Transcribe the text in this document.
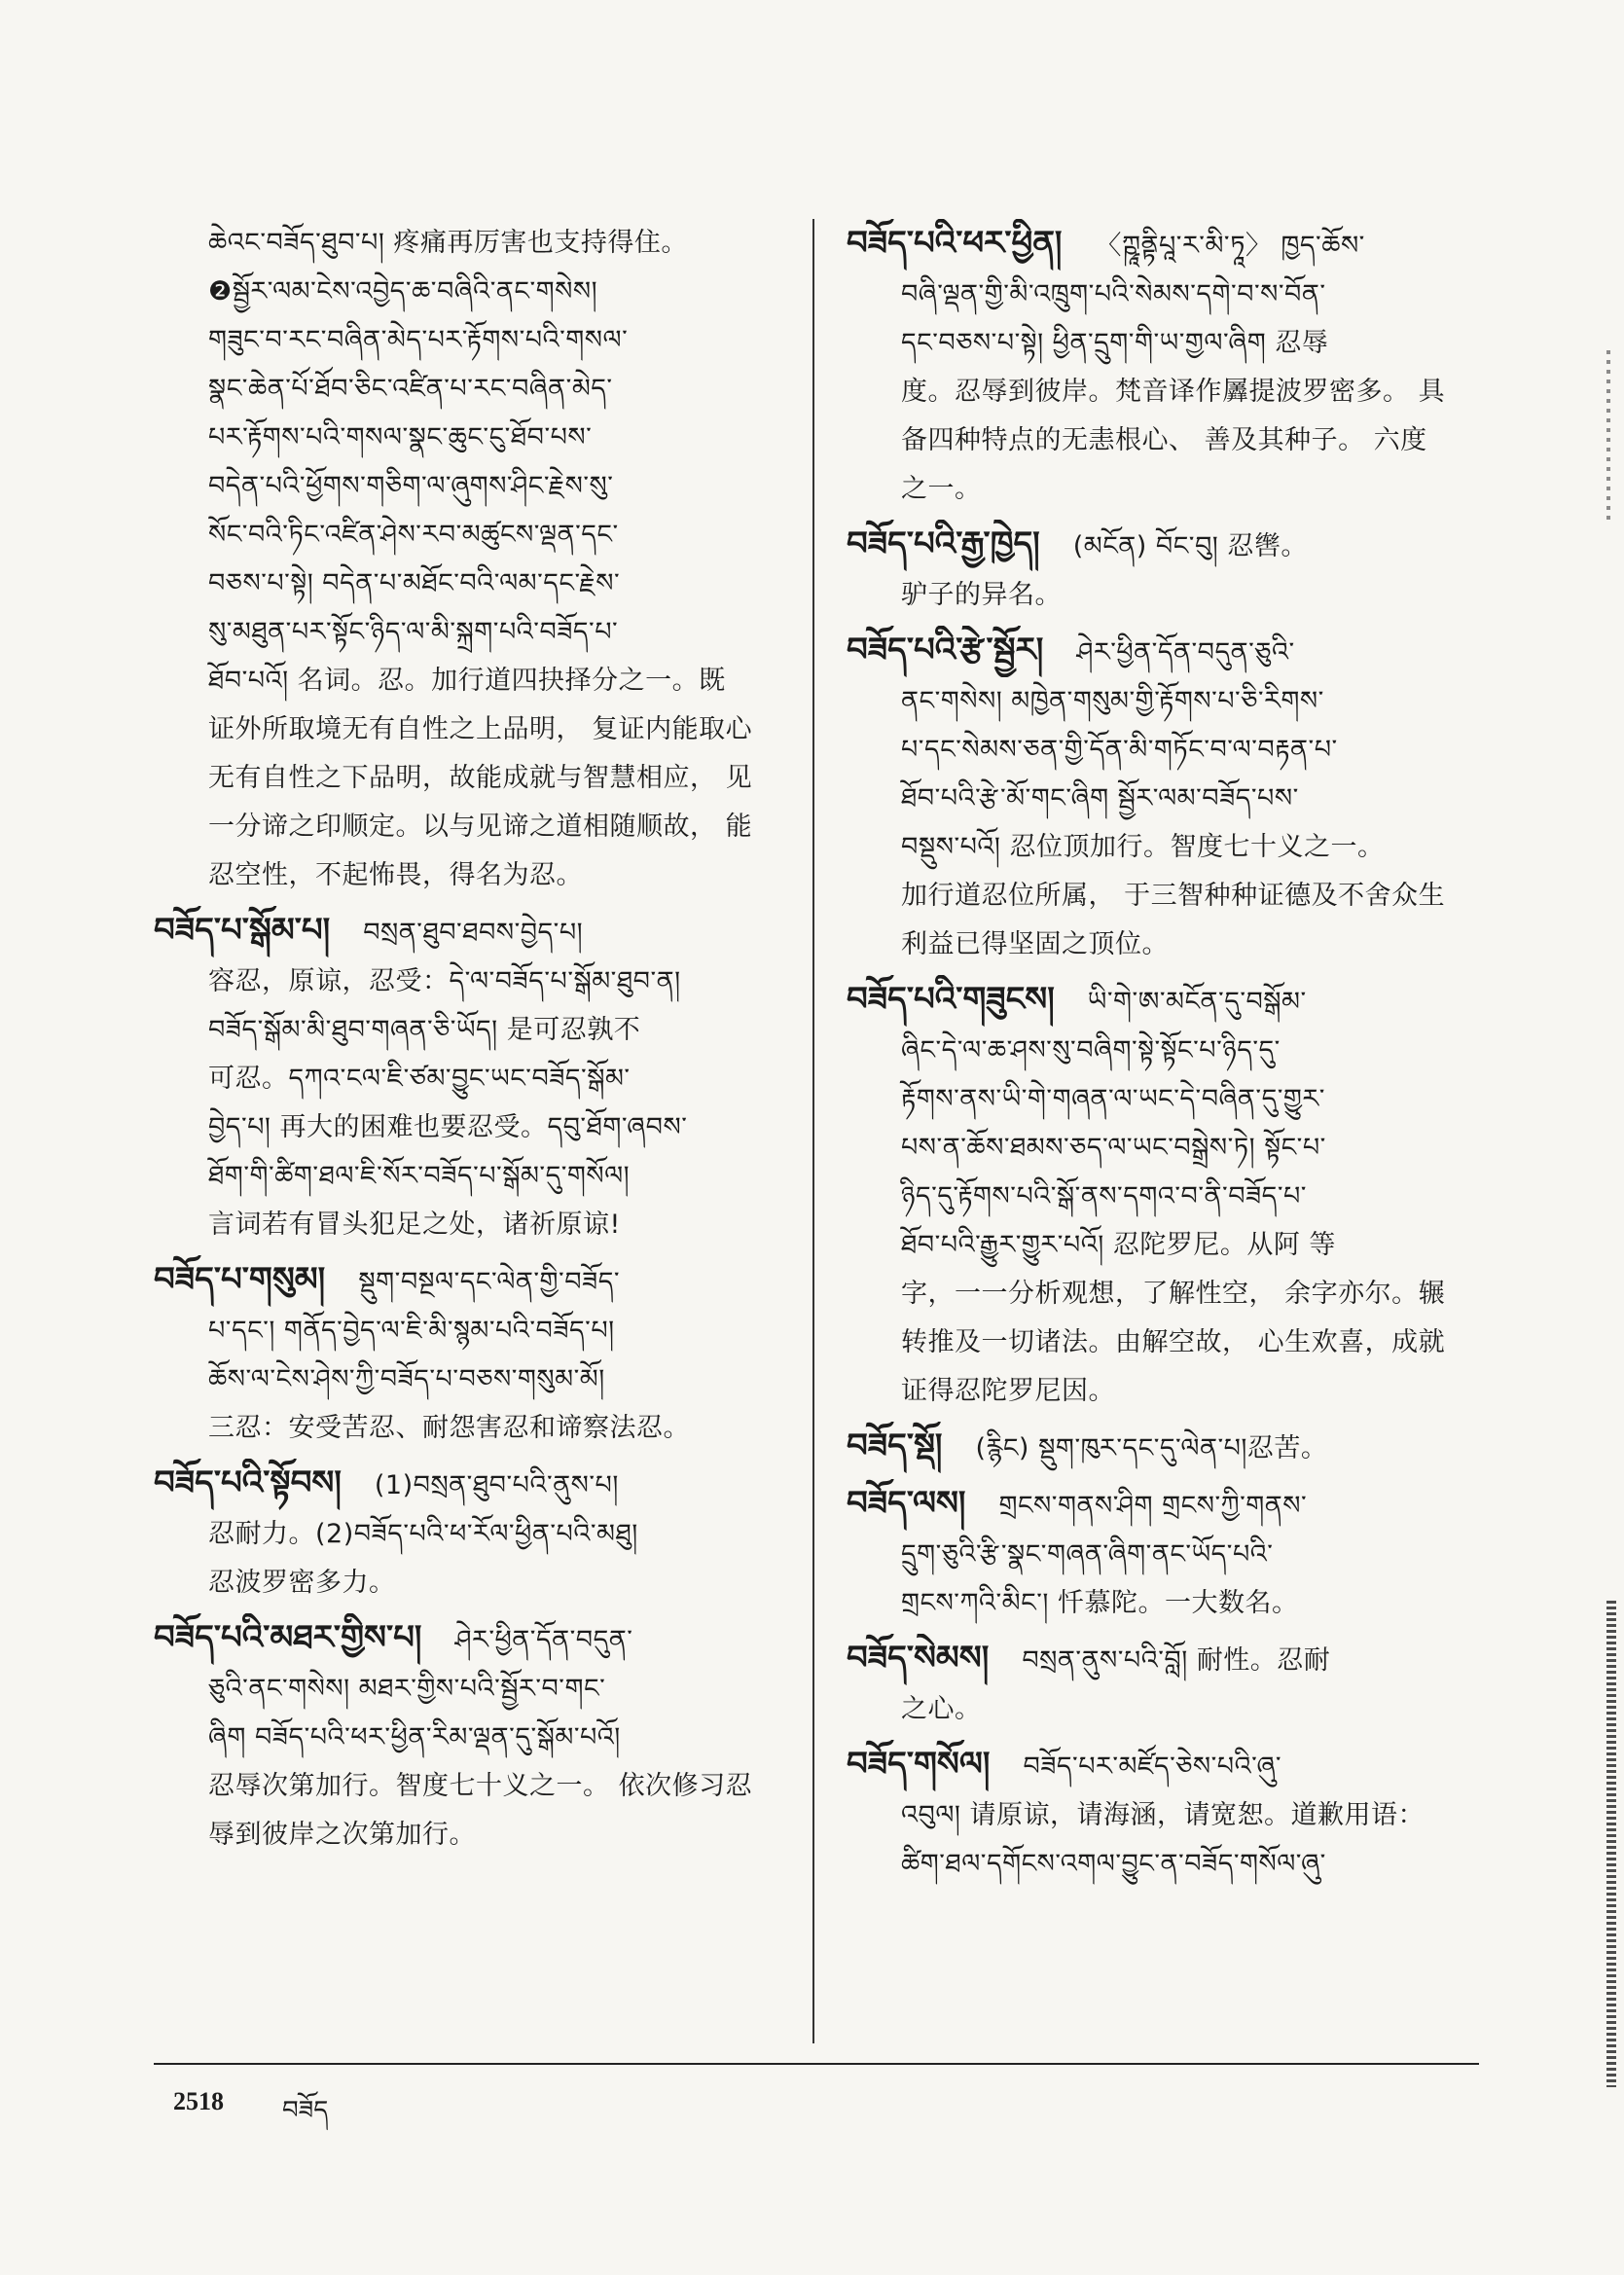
ཆེའང་བཟོད་ཐུབ་པ། 疼痛再厉害也支持得住。
❷སྦྱོར་ལམ་ངེས་འབྱེད་ཆ་བཞིའི་ནང་གསེས།
གཟུང་བ་རང་བཞིན་མེད་པར་རྟོགས་པའི་གསལ་
སྣང་ཆེན་པོ་ཐོབ་ཅིང་འཛིན་པ་རང་བཞིན་མེད་
པར་རྟོགས་པའི་གསལ་སྣང་ཆུང་ངུ་ཐོབ་པས་
བདེན་པའི་ཕྱོགས་གཅིག་ལ་ཞུགས་ཤིང་རྗེས་སུ་
སོང་བའི་ཏིང་འཛིན་ཤེས་རབ་མཚུངས་ལྡན་དང་
བཅས་པ་སྟེ། བདེན་པ་མཐོང་བའི་ལམ་དང་རྗེས་
སུ་མཐུན་པར་སྟོང་ཉིད་ལ་མི་སྐྲག་པའི་བཟོད་པ་
ཐོབ་པའོ། 名词。忍。加行道四抉择分之一。既
证外所取境无有自性之上品明， 复证内能取心
无有自性之下品明，故能成就与智慧相应， 见
一分谛之印顺定。以与见谛之道相随顺故， 能
忍空性，不起怖畏，得名为忍。
བཟོད་པ་སྒོམ་པ། བསྲན་ཐུབ་ཐབས་བྱེད་པ།
容忍，原谅，忍受：དེ་ལ་བཟོད་པ་སྒོམ་ཐུབ་ན།
བཟོད་སྒོམ་མི་ཐུབ་གཞན་ཅི་ཡོད། 是可忍孰不
可忍。དཀའ་ངལ་ཇི་ཙམ་བྱུང་ཡང་བཟོད་སྒོམ་
བྱེད་པ། 再大的困难也要忍受。དབུ་ཐོག་ཞབས་
ཐོག་གི་ཚིག་ཐལ་ཇི་སོར་བཟོད་པ་སྒོམ་དུ་གསོལ།
言词若有冒头犯足之处，诸祈原谅!
བཟོད་པ་གསུམ། སྡུག་བསྔལ་དང་ལེན་གྱི་བཟོད་
པ་དང་། གནོད་བྱེད་ལ་ཇི་མི་སྙམ་པའི་བཟོད་པ།
ཆོས་ལ་ངེས་ཤེས་ཀྱི་བཟོད་པ་བཅས་གསུམ་མོ།
三忍：安受苦忍、耐怨害忍和谛察法忍。
བཟོད་པའི་སྟོབས། (1)བསྲན་ཐུབ་པའི་ནུས་པ།
忍耐力。(2)བཟོད་པའི་ཕ་རོལ་ཕྱིན་པའི་མཐུ།
忍波罗密多力。
བཟོད་པའི་མཐར་གྱིས་པ། ཤེར་ཕྱིན་དོན་བདུན་
ཅུའི་ནང་གསེས། མཐར་གྱིས་པའི་སྦྱོར་བ་གང་
ཞིག བཟོད་པའི་ཕར་ཕྱིན་རིམ་ལྡན་དུ་སྒོམ་པའོ།
忍辱次第加行。智度七十义之一。 依次修习忍
辱到彼岸之次第加行。
བཟོད་པའི་ཕར་ཕྱིན། 〈ཀྵཱནྟིཔཱ་ར་མི་ཏཱ〉 ཁྱད་ཆོས་
བཞི་ལྡན་གྱི་མི་འཁྲུག་པའི་སེམས་དགེ་བ་ས་བོན་
དང་བཅས་པ་སྟེ། ཕྱིན་དྲུག་གི་ཡ་གྱལ་ཞིག 忍辱
度。忍辱到彼岸。梵音译作羼提波罗密多。 具
备四种特点的无恚根心、 善及其种子。 六度
之一。
བཟོད་པའི་རྒྱ་ཁྱེད། (མངོན) བོང་བུ། 忍辔。
驴子的异名。
བཟོད་པའི་རྩེ་སྦྱོར། ཤེར་ཕྱིན་དོན་བདུན་ཅུའི་
ནང་གསེས། མཁྱེན་གསུམ་གྱི་རྟོགས་པ་ཅི་རིགས་
པ་དང་སེམས་ཅན་གྱི་དོན་མི་གཏོང་བ་ལ་བརྟན་པ་
ཐོབ་པའི་རྩེ་མོ་གང་ཞིག སྦྱོར་ལམ་བཟོད་པས་
བསྡུས་པའོ། 忍位顶加行。智度七十义之一。
加行道忍位所属， 于三智种种证德及不舍众生
利益已得坚固之顶位。
བཟོད་པའི་གཟུངས། ཡི་གེ་ཨ་མངོན་དུ་བསྒོམ་
ཞིང་དེ་ལ་ཆ་ཤས་སུ་བཞིག་སྟེ་སྟོང་པ་ཉིད་དུ་
རྟོགས་ནས་ཡི་གེ་གཞན་ལ་ཡང་དེ་བཞིན་དུ་གྱུར་
པས་ན་ཆོས་ཐམས་ཅད་ལ་ཡང་བསྒྲེས་ཏེ། སྟོང་པ་
ཉིད་དུ་རྟོགས་པའི་སྒོ་ནས་དགའ་བ་ནི་བཟོད་པ་
ཐོབ་པའི་རྒྱུར་གྱུར་པའོ། 忍陀罗尼。从阿 等
字，一一分析观想，了解性空， 余字亦尔。辗
转推及一切诸法。由解空故， 心生欢喜，成就
证得忍陀罗尼因。
བཟོད་སྡོ། (རྙིང) སྡུག་ཁུར་དང་དུ་ལེན་པ།忍苦。
བཟོད་ལས། གྲངས་གནས་ཤིག གྲངས་ཀྱི་གནས་
དྲུག་ཅུའི་རྩི་སྣང་གཞན་ཞིག་ནང་ཡོད་པའི་
གྲངས་ཀའི་མིང་། 忏慕陀。一大数名。
བཟོད་སེམས། བསྲན་ནུས་པའི་བློ། 耐性。忍耐
之心。
བཟོད་གསོལ། བཟོད་པར་མཛོད་ཅེས་པའི་ཞུ་
འབུལ། 请原谅，请海涵，请宽恕。道歉用语：
ཚིག་ཐལ་དགོངས་འགལ་བྱུང་ན་བཟོད་གསོལ་ཞུ་
2518 བཟོད
